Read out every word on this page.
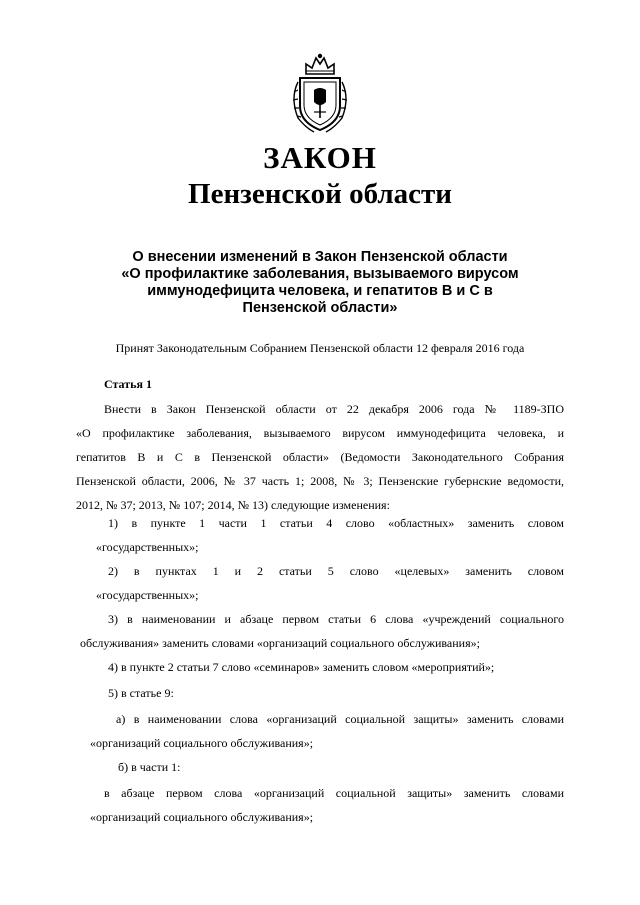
ЗАКОН
Пензенской области
О внесении изменений в Закон Пензенской области
«О профилактике заболевания, вызываемого вирусом
иммунодефицита человека, и гепатитов В и С в
Пензенской области»
Принят Законодательным Собранием Пензенской области 12 февраля 2016 года
Статья 1
Внести в Закон Пензенской области от 22 декабря 2006 года № 1189-ЗПО
«О профилактике заболевания, вызываемого вирусом иммунодефицита человека, и
гепатитов В и С в Пензенской области» (Ведомости Законодательного Собрания
Пензенской области, 2006, № 37 часть 1; 2008, № 3; Пензенские губернские ведомости,
2012, № 37; 2013, № 107; 2014, № 13) следующие изменения:
1) в пункте 1 части 1 статьи 4 слово «областных» заменить словом
«государственных»;
2) в пунктах 1 и 2 статьи 5 слово «целевых» заменить словом
«государственных»;
3) в наименовании и абзаце первом статьи 6 слова «учреждений социального
обслуживания» заменить словами «организаций социального обслуживания»;
4) в пункте 2 статьи 7 слово «семинаров» заменить словом «мероприятий»;
5) в статье 9:
а) в наименовании слова «организаций социальной защиты» заменить словами
«организаций социального обслуживания»;
б) в части 1:
в абзаце первом слова «организаций социальной защиты» заменить словами
«организаций социального обслуживания»;
